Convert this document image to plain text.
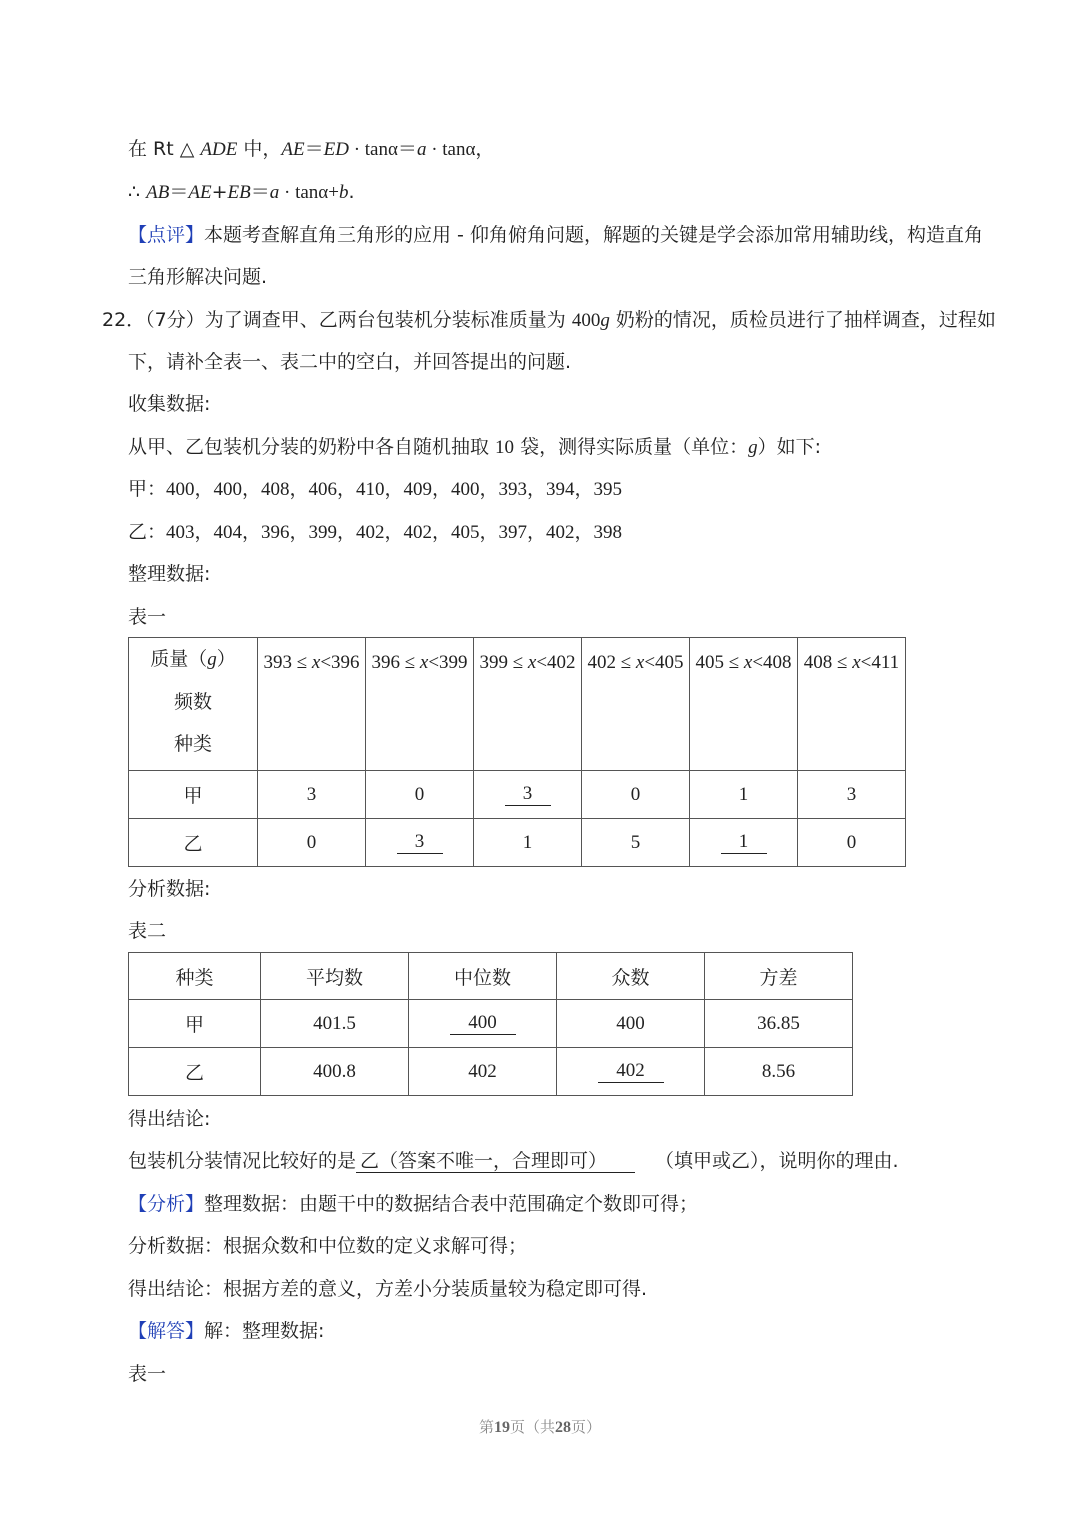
在 Rt △ ADE 中，AE＝ED · tanα＝a · tanα，
∴ AB＝AE+EB＝a · tanα+b.
【点评】本题考查解直角三角形的应用 - 仰角俯角问题，解题的关键是学会添加常用辅助线，构造直角
三角形解决问题.
22．（7分）为了调查甲、乙两台包装机分装标准质量为 400g 奶粉的情况，质检员进行了抽样调查，过程如
下，请补全表一、表二中的空白，并回答提出的问题.
收集数据:
从甲、乙包装机分装的奶粉中各自随机抽取 10 袋，测得实际质量（单位：g）如下:
甲：400，400，408，406，410，409，400，393，394，395
乙：403，404，396，399，402，402，405，397，402，398
整理数据:
表一
质量（g）
频数
种类	393 ≤ x<396	396 ≤ x<399	399 ≤ x<402	402 ≤ x<405	405 ≤ x<408	408 ≤ x<411
甲	3	0	3	0	1	3
乙	0	3	1	5	1	0
分析数据:
表二
种类	平均数	中位数	众数	方差
甲	401.5	400	400	36.85
乙	400.8	402	402	8.56
得出结论:
包装机分装情况比较好的是 乙（答案不唯一，合理即可）	（填甲或乙），说明你的理由.
【分析】整理数据：由题干中的数据结合表中范围确定个数即可得；
分析数据：根据众数和中位数的定义求解可得；
得出结论：根据方差的意义，方差小分装质量较为稳定即可得.
【解答】解：整理数据:
表一
第19页（共28页）
